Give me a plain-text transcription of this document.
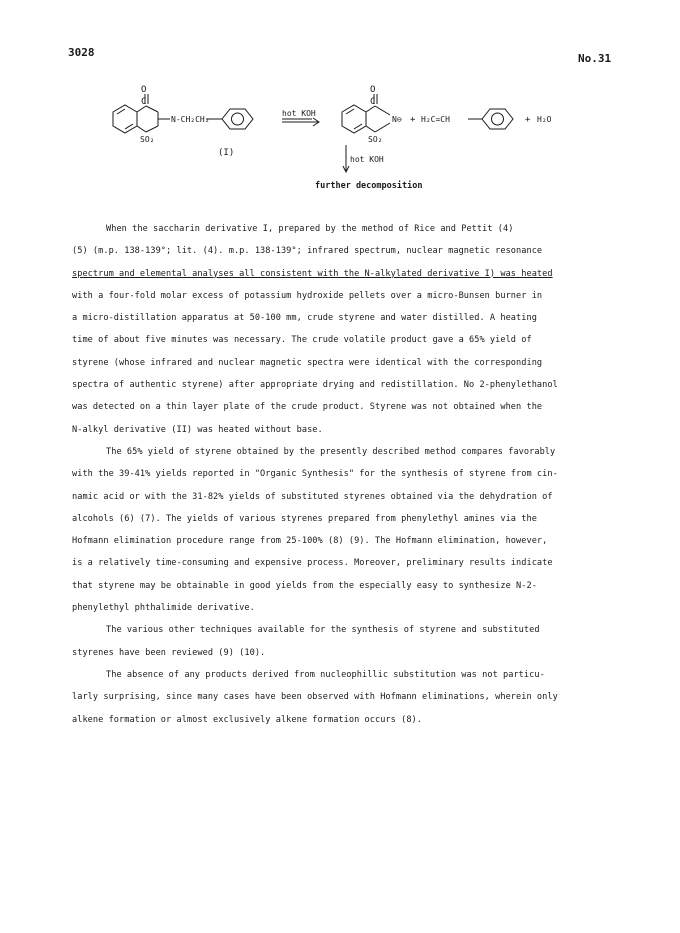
3028	No.31
O
C
N-CH₂CH₂
SO₂
(I)
hot KOH
O
C
N⊖
SO₂
+ H₂C=CH	+ H₂O
hot KOH
further decomposition

When the saccharin derivative I, prepared by the method of Rice and Pettit (4)
(5) (m.p. 138-139°; lit. (4). m.p. 138-139°; infrared spectrum, nuclear magnetic resonance
spectrum and elemental analyses all consistent with the N-alkylated derivative I) was heated
with a four-fold molar excess of potassium hydroxide pellets over a micro-Bunsen burner in
a micro-distillation apparatus at 50-100 mm, crude styrene and water distilled. A heating
time of about five minutes was necessary. The crude volatile product gave a 65% yield of
styrene (whose infrared and nuclear magnetic spectra were identical with the corresponding
spectra of authentic styrene) after appropriate drying and redistillation. No 2-phenylethanol
was detected on a thin layer plate of the crude product. Styrene was not obtained when the
N-alkyl derivative (II) was heated without base.

The 65% yield of styrene obtained by the presently described method compares favorably
with the 39-41% yields reported in "Organic Synthesis" for the synthesis of styrene from cin-
namic acid or with the 31-82% yields of substituted styrenes obtained via the dehydration of
alcohols (6) (7). The yields of various styrenes prepared from phenylethyl amines via the
Hofmann elimination procedure range from 25-100% (8) (9). The Hofmann elimination, however,
is a relatively time-consuming and expensive process. Moreover, preliminary results indicate
that styrene may be obtainable in good yields from the especially easy to synthesize N-2-
phenylethyl phthalimide derivative.

The various other techniques available for the synthesis of styrene and substituted
styrenes have been reviewed (9) (10).

The absence of any products derived from nucleophillic substitution was not particu-
larly surprising, since many cases have been observed with Hofmann eliminations, wherein only
alkene formation or almost exclusively alkene formation occurs (8).
